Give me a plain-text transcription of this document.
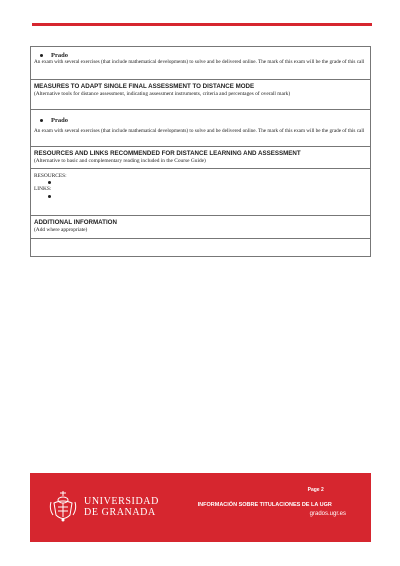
Prado
An exam with several exercises (that include mathematical developments) to solve and be delivered online. The mark of this exam will be the grade of this call
MEASURES TO ADAPT SINGLE FINAL ASSESSMENT TO DISTANCE MODE
(Alternative tools for distance assessment, indicating assessment instruments, criteria and percentages of overall mark)
Prado
An exam with several exercises (that include mathematical developments) to solve and be delivered online. The mark of this exam will be the grade of this call
RESOURCES AND LINKS RECOMMENDED FOR DISTANCE LEARNING AND ASSESSMENT
(Alternative to basic and complementary reading included in the Course Guide)
RESOURCES:
LINKS:
ADDITIONAL INFORMATION
(Add where appropriate)
UNIVERSIDAD
DE GRANADA
Page 2
INFORMACIÓN SOBRE TITULACIONES DE LA UGR
grados.ugr.es
